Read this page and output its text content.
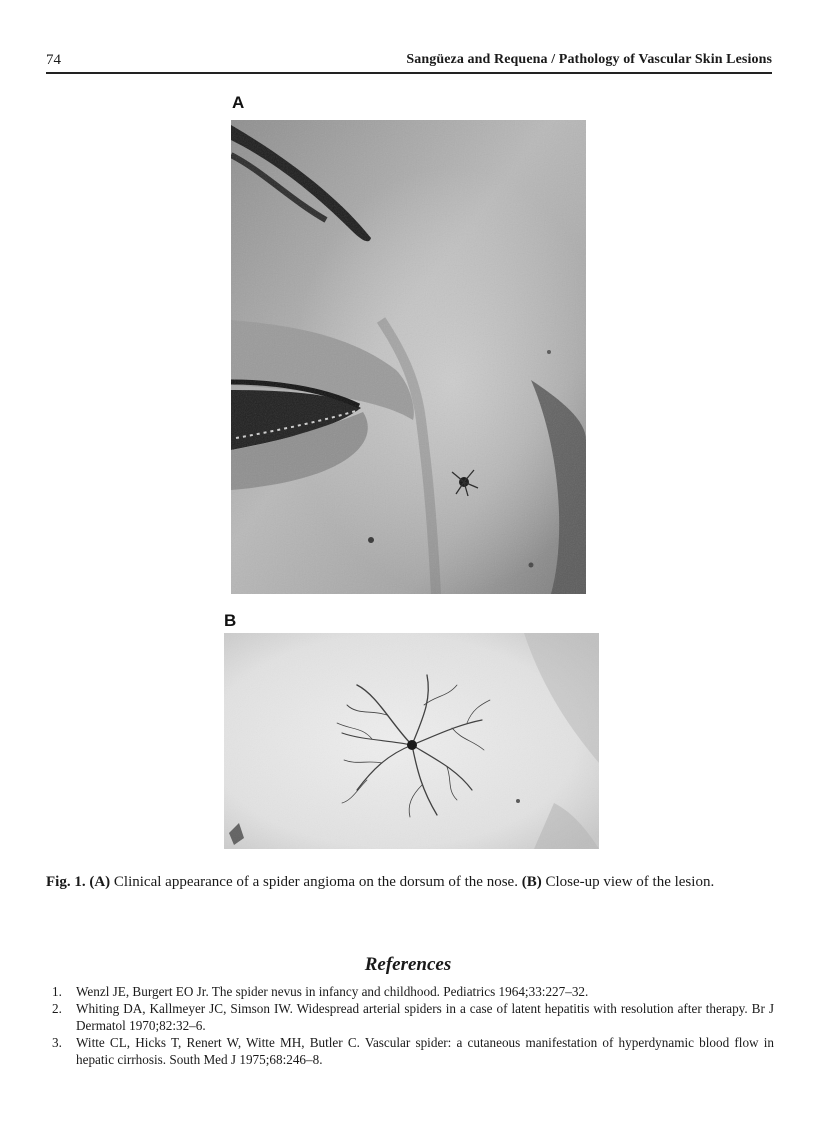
74	Sangüeza and Requena / Pathology of Vascular Skin Lesions
A
B
Fig. 1. (A) Clinical appearance of a spider angioma on the dorsum of the nose. (B) Close-up view of the lesion.
References
1. Wenzl JE, Burgert EO Jr. The spider nevus in infancy and childhood. Pediatrics 1964;33:227–32.
2. Whiting DA, Kallmeyer JC, Simson IW. Widespread arterial spiders in a case of latent hepatitis with resolution after therapy. Br J Dermatol 1970;82:32–6.
3. Witte CL, Hicks T, Renert W, Witte MH, Butler C. Vascular spider: a cutaneous manifestation of hyperdynamic blood flow in hepatic cirrhosis. South Med J 1975;68:246–8.
